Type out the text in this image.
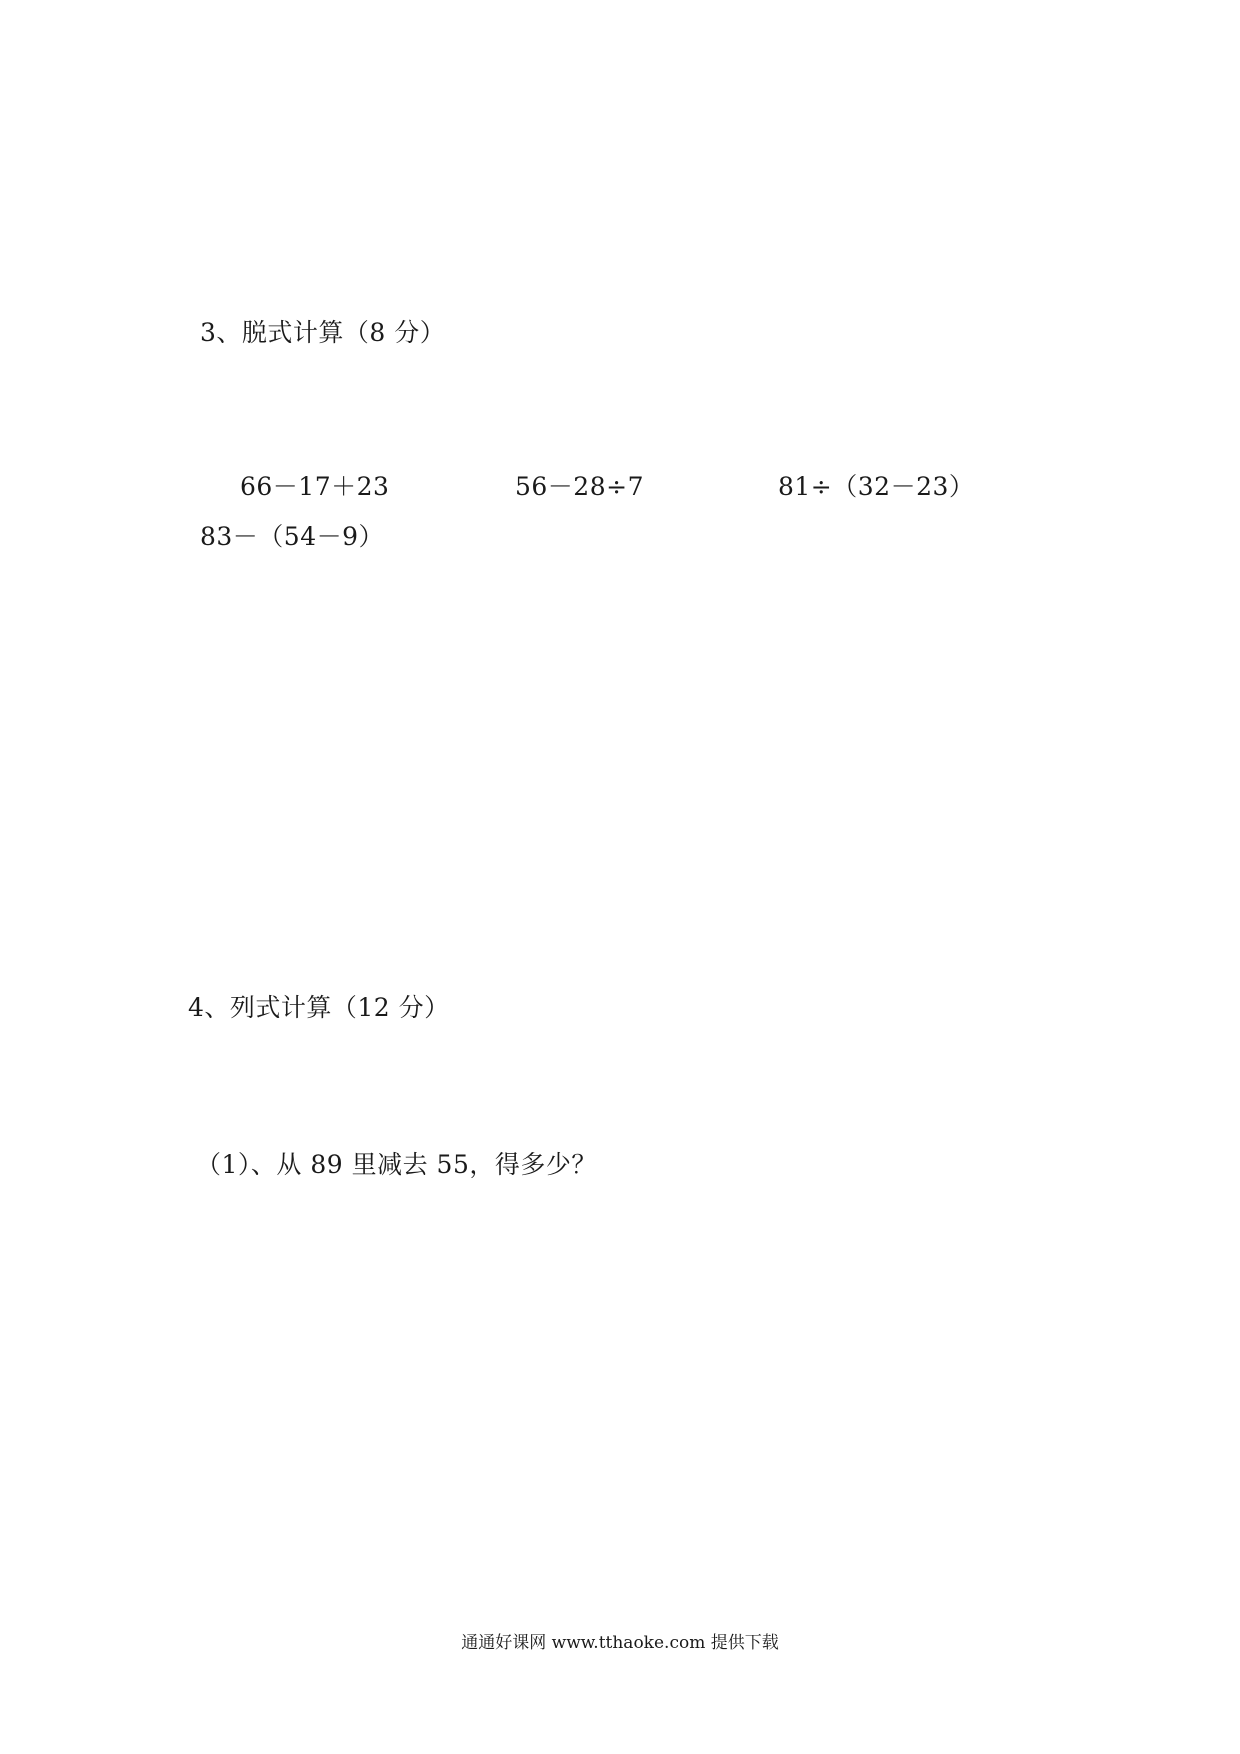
3、脱式计算（8 分）
66－17＋23	56－28÷7	81÷（32－23）
83－（54－9）
4、列式计算（12 分）
（1）、从 89 里减去 55，得多少？
通通好课网 www.tthaoke.com 提供下载
